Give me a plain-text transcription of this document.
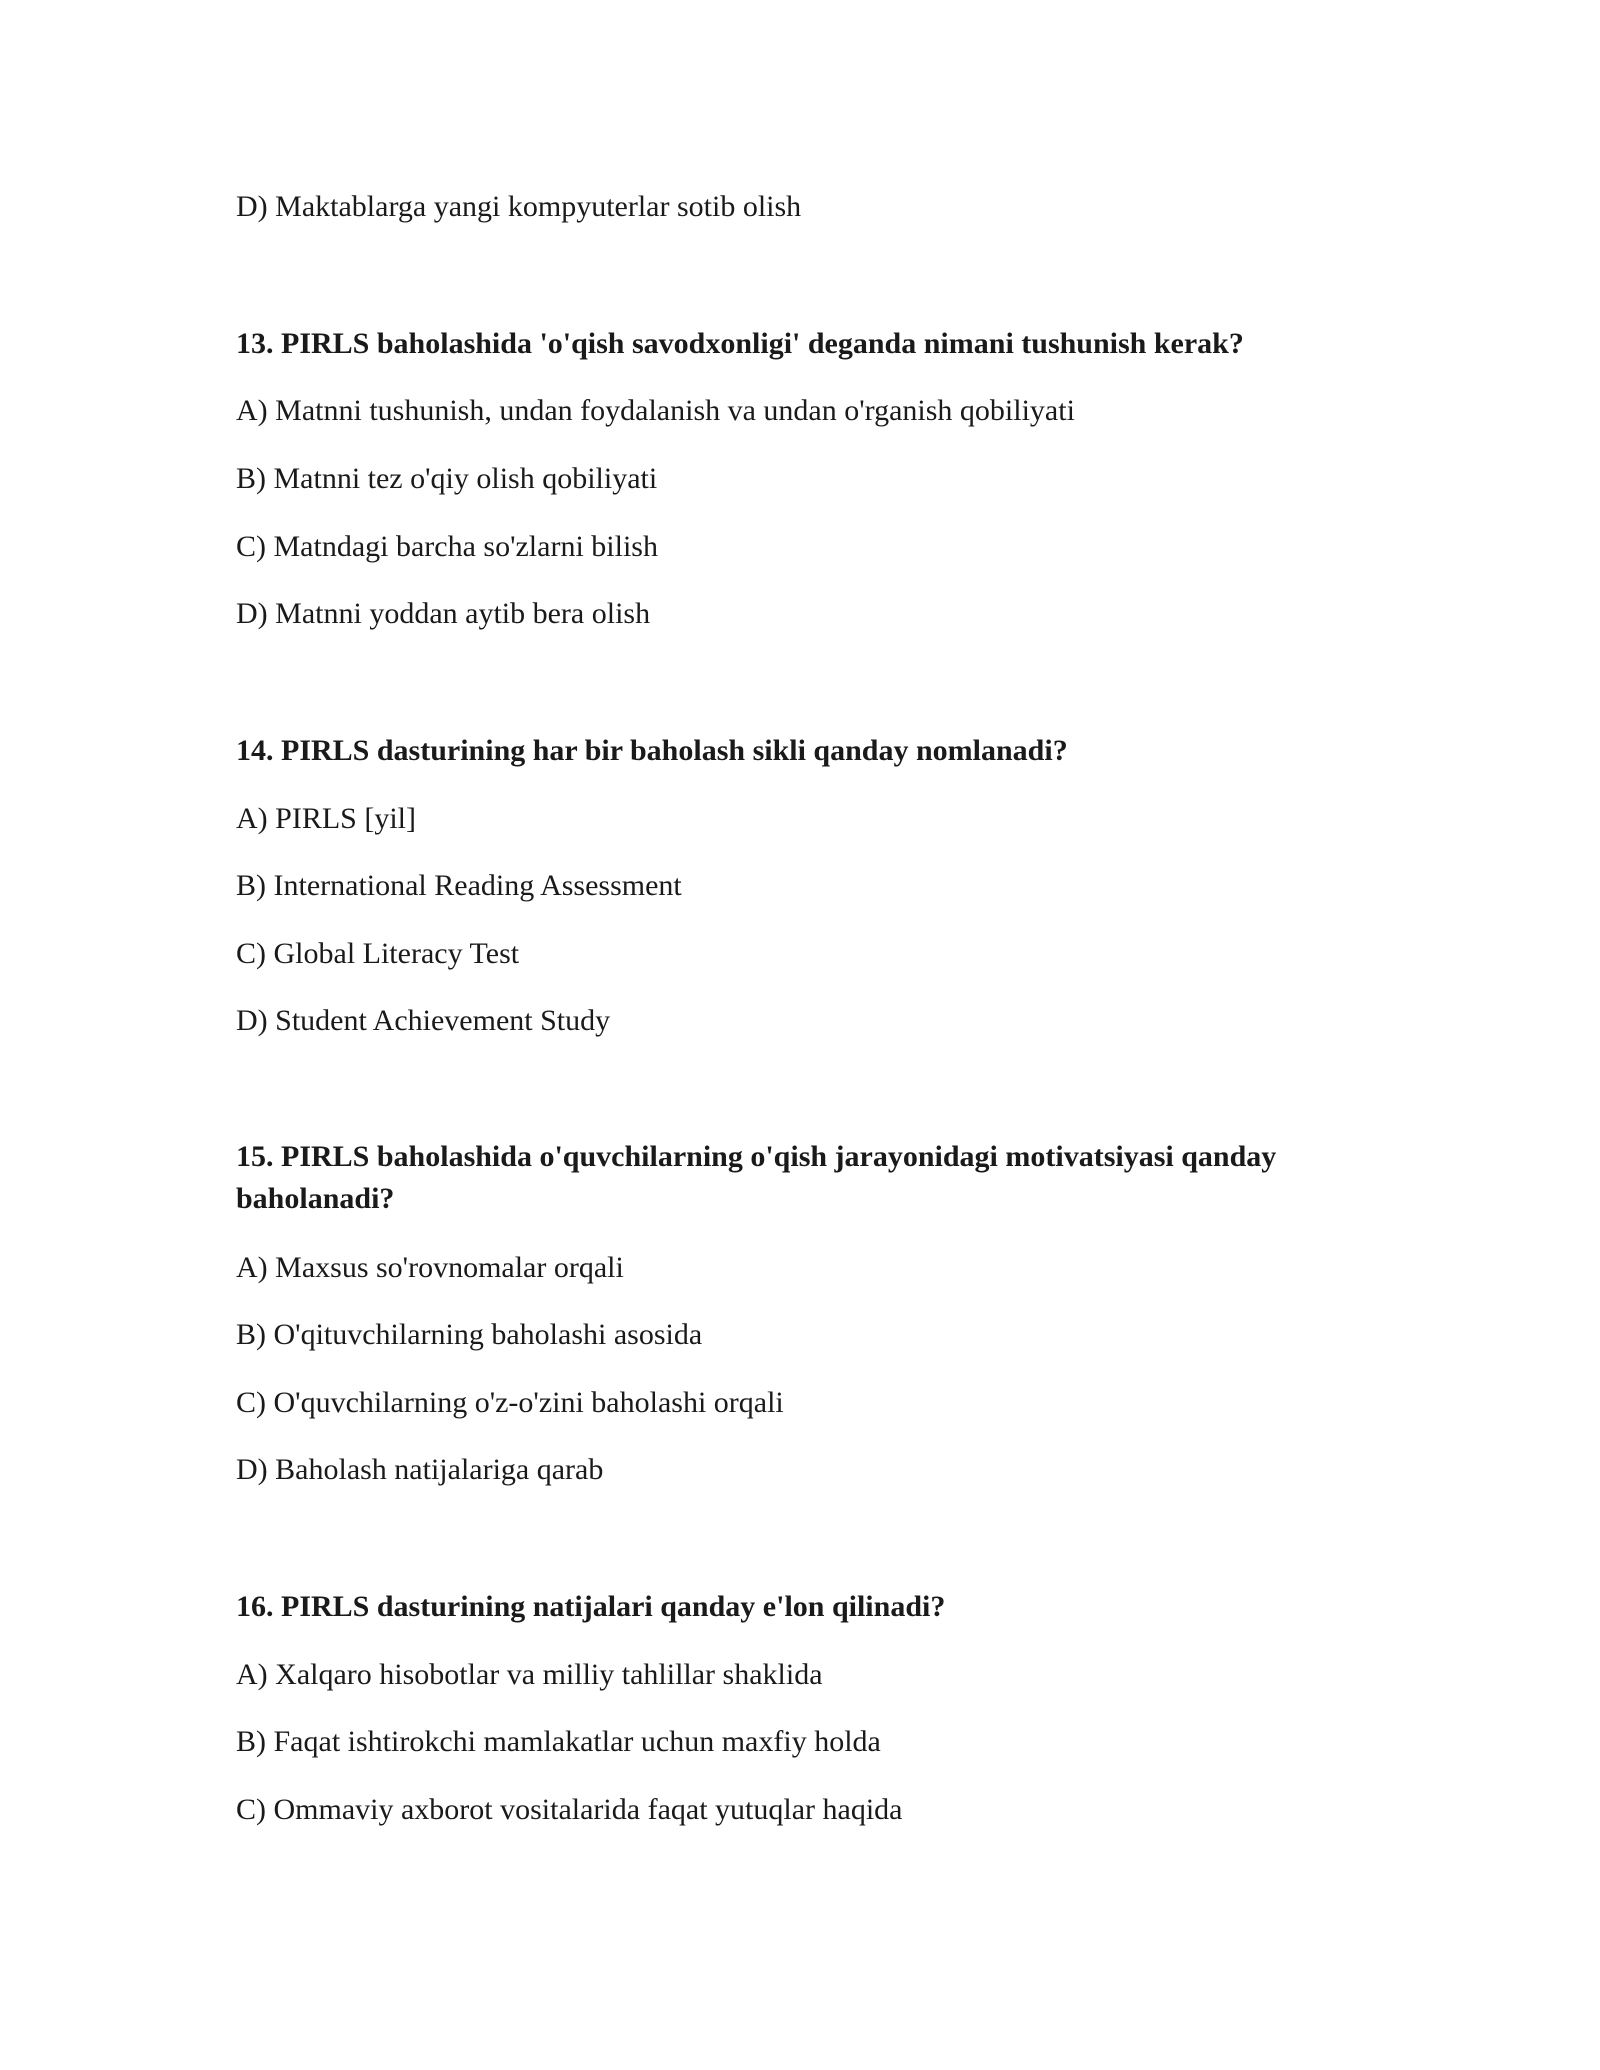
D) Maktablarga yangi kompyuterlar sotib olish
13. PIRLS baholashida 'o'qish savodxonligi' deganda nimani tushunish kerak?
A) Matnni tushunish, undan foydalanish va undan o'rganish qobiliyati
B) Matnni tez o'qiy olish qobiliyati
C) Matndagi barcha so'zlarni bilish
D) Matnni yoddan aytib bera olish
14. PIRLS dasturining har bir baholash sikli qanday nomlanadi?
A) PIRLS [yil]
B) International Reading Assessment
C) Global Literacy Test
D) Student Achievement Study
15. PIRLS baholashida o'quvchilarning o'qish jarayonidagi motivatsiyasi qanday baholanadi?
A) Maxsus so'rovnomalar orqali
B) O'qituvchilarning baholashi asosida
C) O'quvchilarning o'z-o'zini baholashi orqali
D) Baholash natijalariga qarab
16. PIRLS dasturining natijalari qanday e'lon qilinadi?
A) Xalqaro hisobotlar va milliy tahlillar shaklida
B) Faqat ishtirokchi mamlakatlar uchun maxfiy holda
C) Ommaviy axborot vositalarida faqat yutuqlar haqida
